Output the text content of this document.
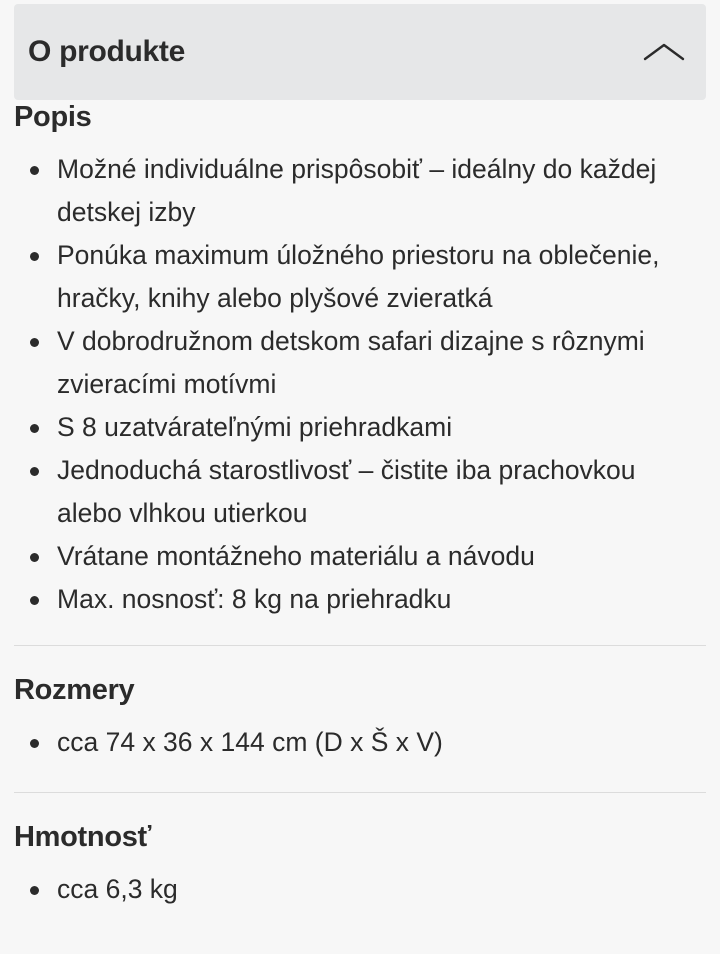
O produkte
Popis
Možné individuálne prispôsobiť – ideálny do každej detskej izby
Ponúka maximum úložného priestoru na oblečenie, hračky, knihy alebo plyšové zvieratká
V dobrodružnom detskom safari dizajne s rôznymi zvieracími motívmi
S 8 uzatvárateľnými priehradkami
Jednoduchá starostlivosť – čistite iba prachovkou alebo vlhkou utierkou
Vrátane montážneho materiálu a návodu
Max. nosnosť: 8 kg na priehradku
Rozmery
cca 74 x 36 x 144 cm (D x Š x V)
Hmotnosť
cca 6,3 kg
